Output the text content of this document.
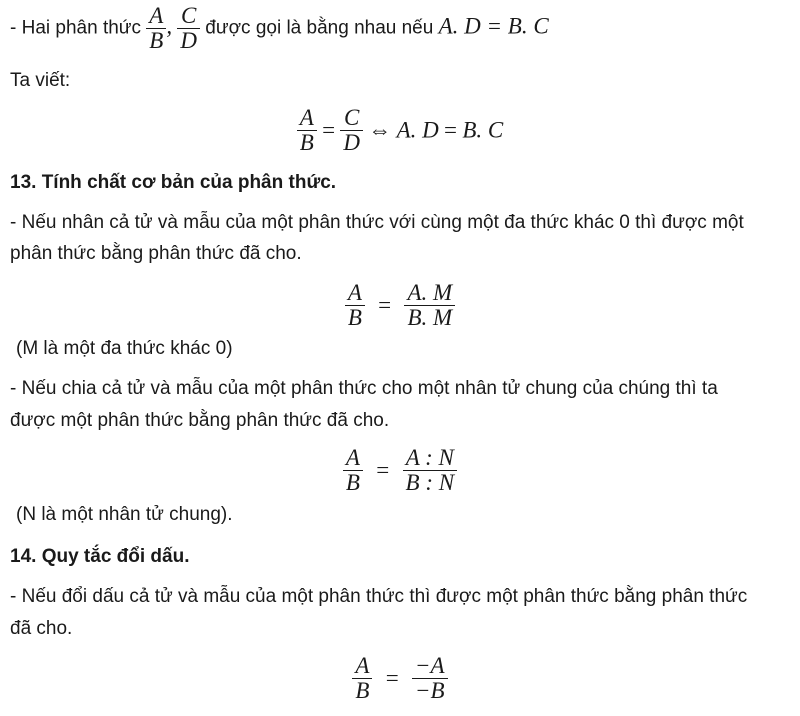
- Hai phân thức $\frac{A}{B}$ , $\frac{C}{D}$ được gọi là bằng nhau nếu A. D = B. C
Ta viết:
$\frac{A}{B} = \frac{C}{D}$ ⇔ A. D = B. C
13. Tính chất cơ bản của phân thức.
- Nếu nhân cả tử và mẫu của một phân thức với cùng một đa thức khác 0 thì được một
phân thức bằng phân thức đã cho.
$\frac{A}{B} = \frac{A. M}{B. M}$
(M là một đa thức khác 0)
- Nếu chia cả tử và mẫu của một phân thức cho một nhân tử chung của chúng thì ta
được một phân thức bằng phân thức đã cho.
$\frac{A}{B} = \frac{A : N}{B : N}$
(N là một nhân tử chung).
14. Quy tắc đổi dấu.
- Nếu đổi dấu cả tử và mẫu của một phân thức thì được một phân thức bằng phân thức
đã cho.
$\frac{A}{B} = \frac{-A}{-B}$
